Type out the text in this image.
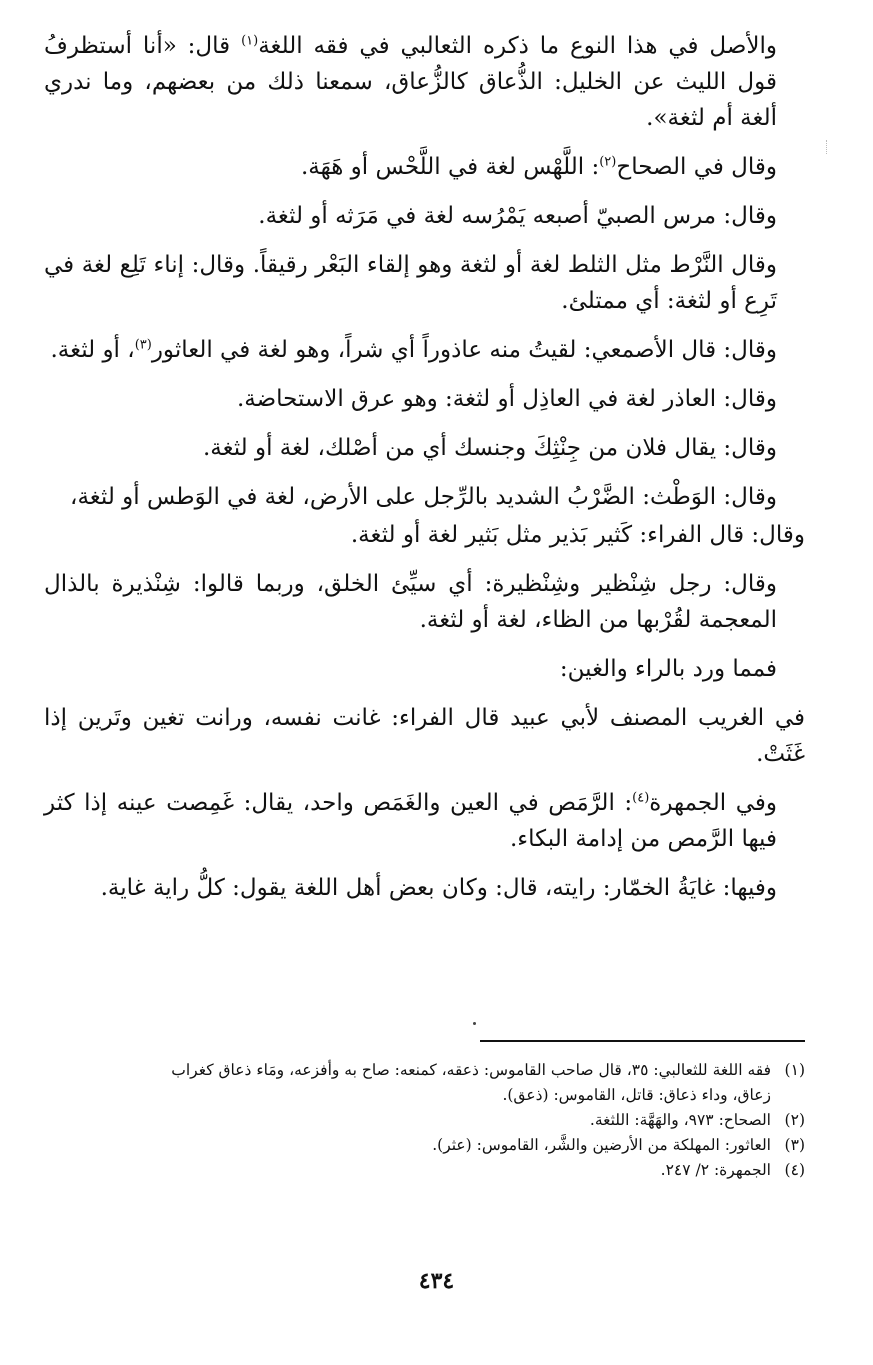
والأصل في هذا النوع ما ذكره الثعالبي في فقه اللغة$^{(١)}$ قال: «أنا أستظرفُ قول الليث عن الخليل: الذُّعاق كالزُّعاق، سمعنا ذلك من بعضهم، وما ندري ألغة أم لثغة».

وقال في الصحاح$^{(٢)}$: اللَّهْس لغة في اللَّحْس أو هَهَة.

وقال: مرس الصبيّ أصبعه يَمْرُسه لغة في مَرَثه أو لثغة.

وقال النَّرْط مثل الثلط لغة أو لثغة وهو إلقاء البَعْر رقيقاً. وقال: إناء تَلِع لغة في تَرِع أو لثغة: أي ممتلئ.

وقال: قال الأصمعي: لقيتُ منه عاذوراً أي شراً، وهو لغة في العاثور$^{(٣)}$، أو لثغة.

وقال: العاذر لغة في العاذِل أو لثغة: وهو عرق الاستحاضة.

وقال: يقال فلان من جِنْثِكَ وجنسك أي من أصْلك، لغة أو لثغة.

وقال: الوَطْث: الضَّرْبُ الشديد بالرِّجل على الأرض، لغة في الوَطس أو لثغة،

وقال: قال الفراء: كَثير بَذير مثل بَثير لغة أو لثغة.

وقال: رجل شِنْظير وشِنْظيرة: أي سيِّئ الخلق، وربما قالوا: شِنْذيرة بالذال المعجمة لقُرْبها من الظاء، لغة أو لثغة.

فمما ورد بالراء والغين:

في الغريب المصنف لأبي عبيد قال الفراء: غانت نفسه، ورانت تغين وتَرين إذا غَثَتْ.

وفي الجمهرة$^{(٤)}$: الرَّمَص في العين والغَمَص واحد، يقال: غَمِصت عينه إذا كثر فيها الرَّمص من إدامة البكاء.

وفيها: غايَةُ الخمّار: رايته، قال: وكان بعض أهل اللغة يقول: كلُّ راية غاية.

(١)فقه اللغة للثعالبي: ٣٥، قال صاحب القاموس: ذعقه، كمنعه: صاح به وأفزعه، ومَاء ذعاق كغراب
زعاق، وداء ذعاق: قاتل، القاموس: (ذعق).
(٢)الصحاح: ٩٧٣، والهَهَّة: اللثغة.
(٣)العاثور: المهلكة من الأرضين والشَّر، القاموس: (عثر).
(٤)الجمهرة: ٢/ ٢٤٧.
٤٣٤
